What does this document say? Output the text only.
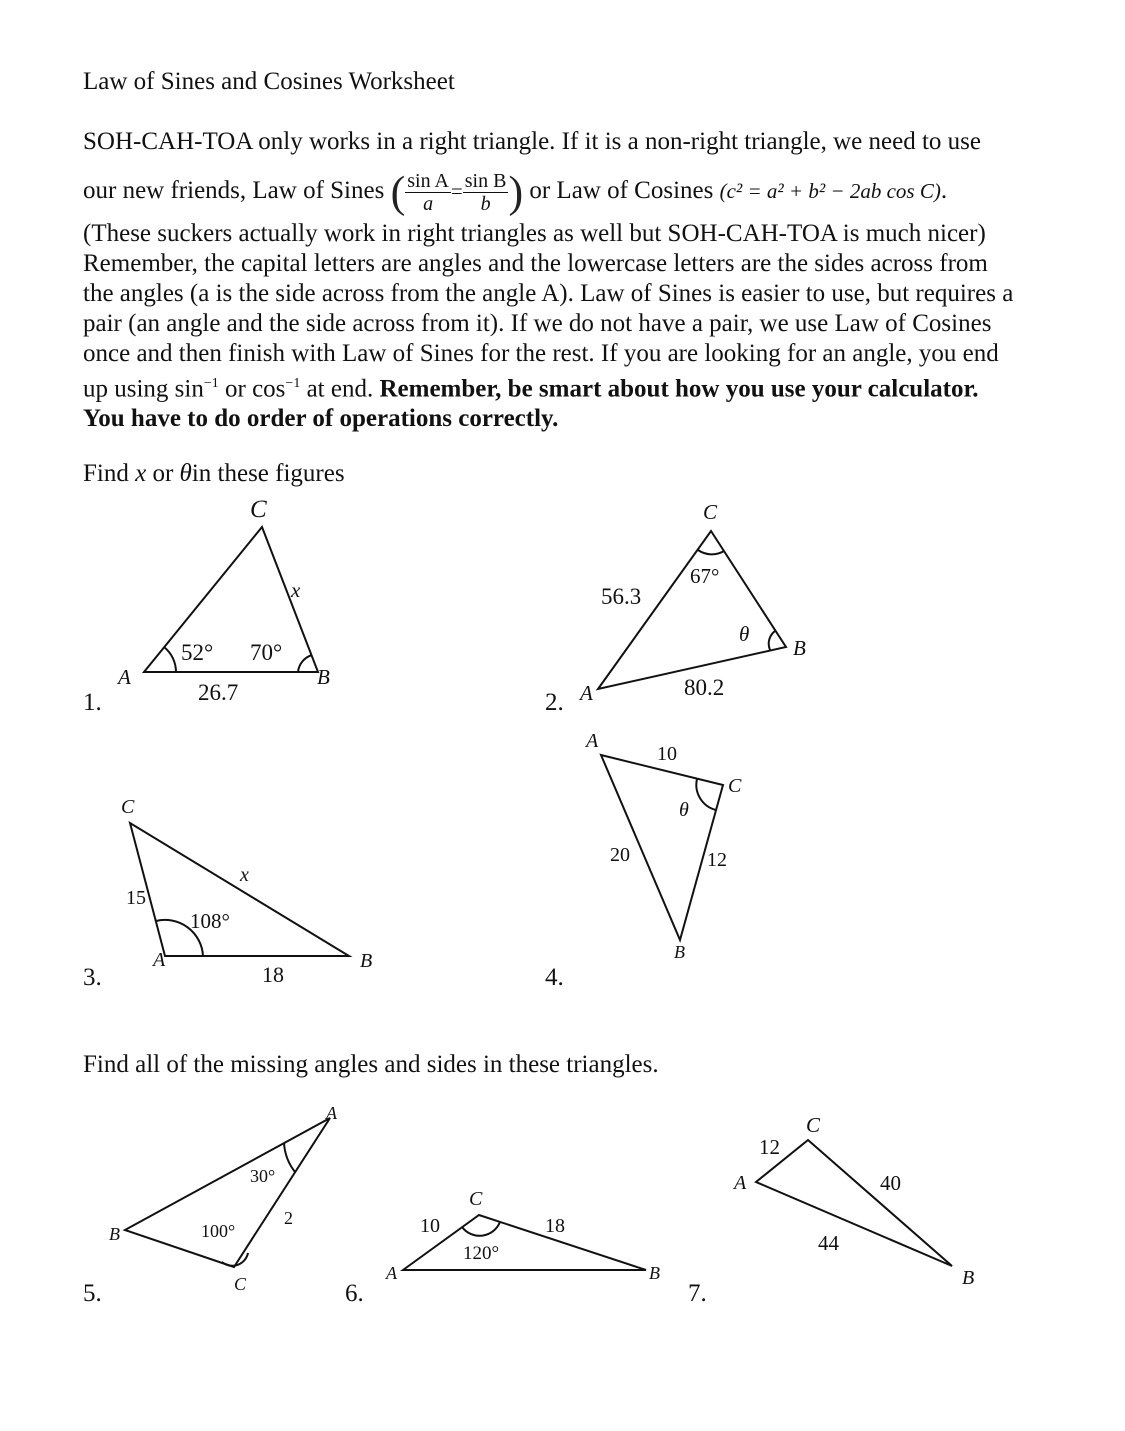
Law of Sines and Cosines Worksheet
SOH-CAH-TOA only works in a right triangle. If it is a non-right triangle, we need to use
our new friends, Law of Sines ( $\frac{\text{sin A}}{a} = \frac{\text{sin B}}{b}$ ) or Law of Cosines (c² = a² + b² − 2ab cos C).
(These suckers actually work in right triangles as well but SOH-CAH-TOA is much nicer)
Remember, the capital letters are angles and the lowercase letters are the sides across from
the angles (a is the side across from the angle A). Law of Sines is easier to use, but requires a
pair (an angle and the side across from it). If we do not have a pair, we use Law of Cosines
once and then finish with Law of Sines for the rest. If you are looking for an angle, you end
up using $\sin^{-1}$ or $\cos^{-1}$ at end. Remember, be smart about how you use your calculator.
You have to do order of operations correctly.
Find x or θin these figures
Find all of the missing angles and sides in these triangles.
1.	2.
3.	4.
5.	6.	7.
C
A	B
52° 70°
x
26.7
C
A
B
67°
θ
56.3
80.2
C
A	B
108°
15
x
18
A
C
B
θ
10
20	12
A
B
C
30°
100°
2
A	B
C
120°
10	18
A
B
C
12
40
44
